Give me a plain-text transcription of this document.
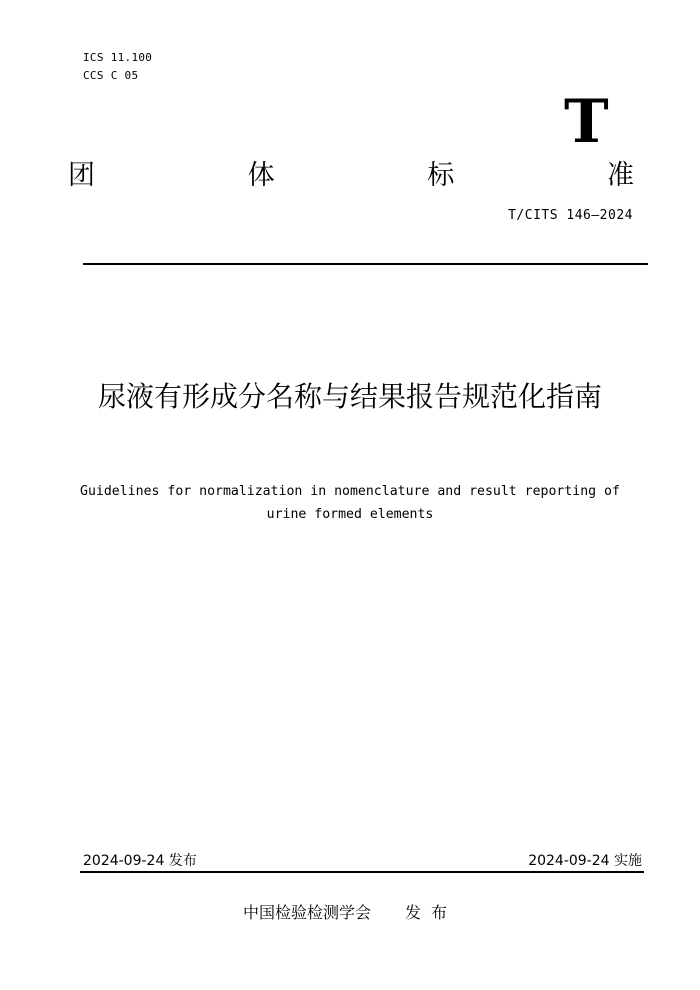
ICS 11.100
CCS C 05
T
团	体	标	准
T/CITS 146—2024
尿液有形成分名称与结果报告规范化指南
Guidelines for normalization in nomenclature and result reporting of urine formed elements
2024-09-24 发布	2024-09-24 实施
中国检验检测学会 发布
